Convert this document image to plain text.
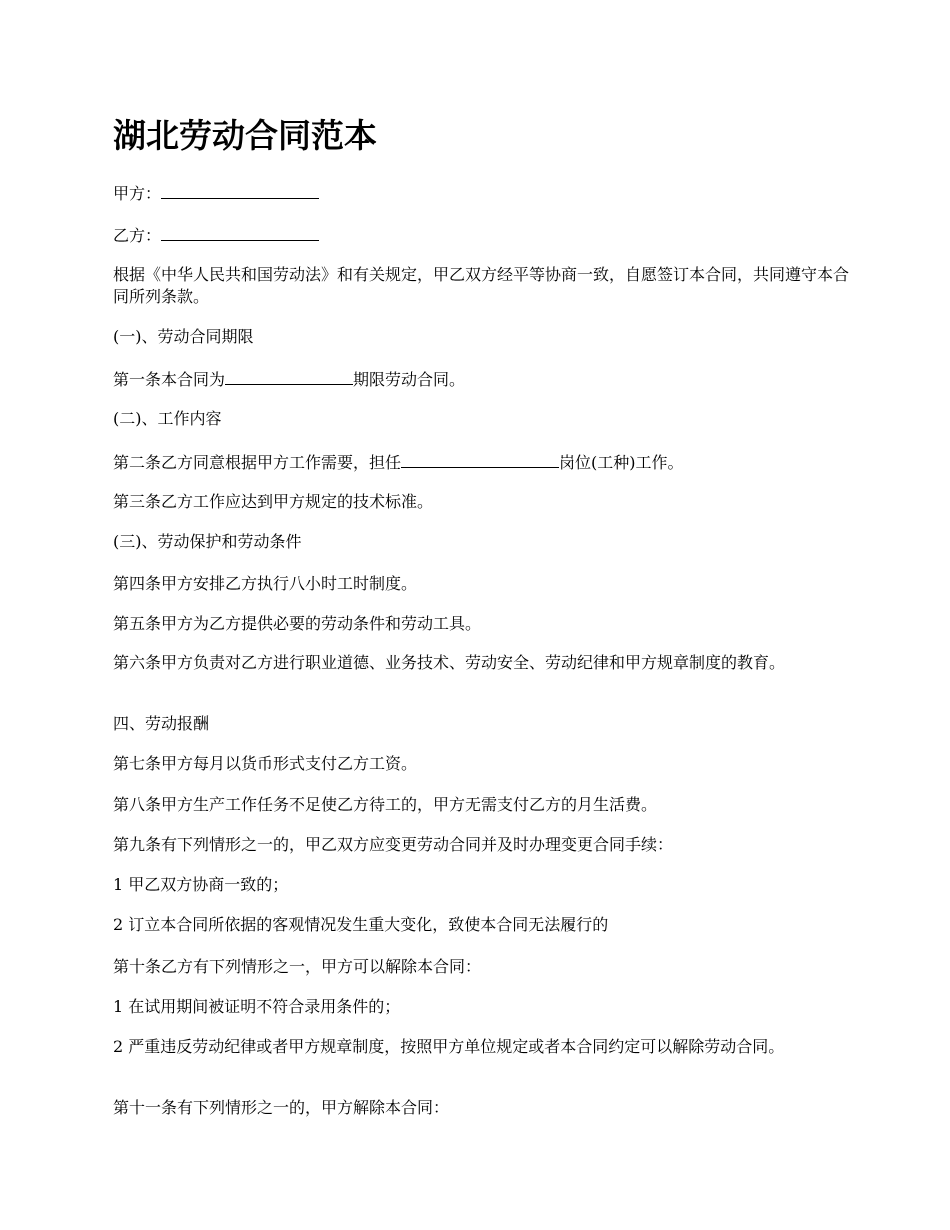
湖北劳动合同范本

甲方：

乙方：

根据《中华人民共和国劳动法》和有关规定，甲乙双方经平等协商一致，自愿签订本合同，共同遵守本合同所列条款。

(一)、劳动合同期限

第一条本合同为	期限劳动合同。

(二)、工作内容

第二条乙方同意根据甲方工作需要，担任	岗位(工种)工作。

第三条乙方工作应达到甲方规定的技术标准。

(三)、劳动保护和劳动条件

第四条甲方安排乙方执行八小时工时制度。

第五条甲方为乙方提供必要的劳动条件和劳动工具。

第六条甲方负责对乙方进行职业道德、业务技术、劳动安全、劳动纪律和甲方规章制度的教育。

四、劳动报酬

第七条甲方每月以货币形式支付乙方工资。

第八条甲方生产工作任务不足使乙方待工的，甲方无需支付乙方的月生活费。

第九条有下列情形之一的，甲乙双方应变更劳动合同并及时办理变更合同手续：

1 甲乙双方协商一致的；

2 订立本合同所依据的客观情况发生重大变化，致使本合同无法履行的

第十条乙方有下列情形之一，甲方可以解除本合同：

1 在试用期间被证明不符合录用条件的；

2 严重违反劳动纪律或者甲方规章制度，按照甲方单位规定或者本合同约定可以解除劳动合同。

第十一条有下列情形之一的，甲方解除本合同：
